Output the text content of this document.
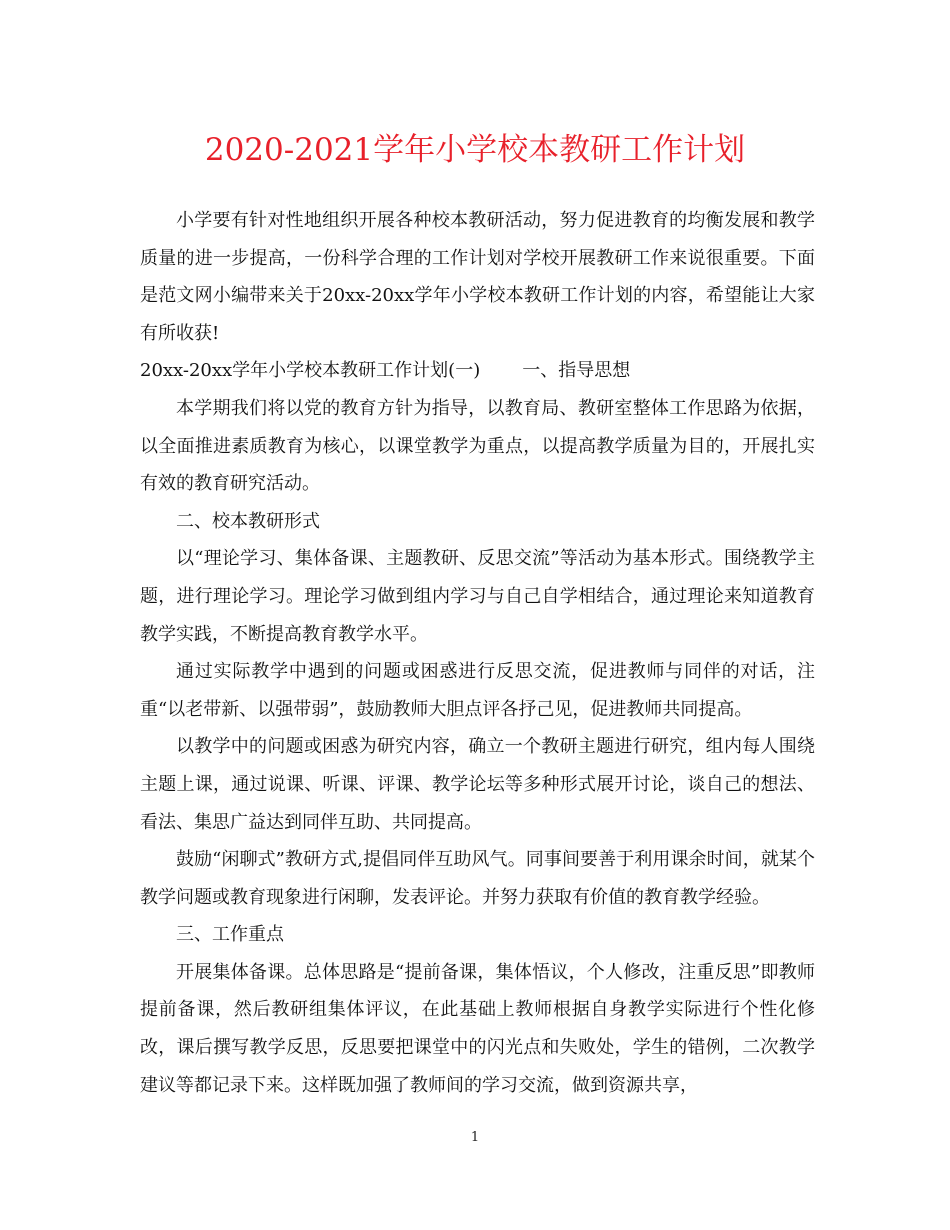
2020-2021学年小学校本教研工作计划

小学要有针对性地组织开展各种校本教研活动，努力促进教育的均衡发展和教学质量的进一步提高，一份科学合理的工作计划对学校开展教研工作来说很重要。下面是范文网小编带来关于20xx-20xx学年小学校本教研工作计划的内容，希望能让大家有所收获!

20xx-20xx学年小学校本教研工作计划(一) 一、指导思想

本学期我们将以党的教育方针为指导，以教育局、教研室整体工作思路为依据，以全面推进素质教育为核心，以课堂教学为重点，以提高教学质量为目的，开展扎实有效的教育研究活动。

二、校本教研形式

以“理论学习、集体备课、主题教研、反思交流”等活动为基本形式。围绕教学主题，进行理论学习。理论学习做到组内学习与自己自学相结合，通过理论来知道教育教学实践，不断提高教育教学水平。

通过实际教学中遇到的问题或困惑进行反思交流，促进教师与同伴的对话，注重“以老带新、以强带弱”，鼓励教师大胆点评各抒己见，促进教师共同提高。

以教学中的问题或困惑为研究内容，确立一个教研主题进行研究，组内每人围绕主题上课，通过说课、听课、评课、教学论坛等多种形式展开讨论，谈自己的想法、看法、集思广益达到同伴互助、共同提高。

鼓励“闲聊式”教研方式,提倡同伴互助风气。同事间要善于利用课余时间，就某个教学问题或教育现象进行闲聊，发表评论。并努力获取有价值的教育教学经验。

三、工作重点

开展集体备课。总体思路是“提前备课，集体悟议，个人修改，注重反思”即教师提前备课，然后教研组集体评议，在此基础上教师根据自身教学实际进行个性化修改，课后撰写教学反思，反思要把课堂中的闪光点和失败处，学生的错例，二次教学建议等都记录下来。这样既加强了教师间的学习交流，做到资源共享，

1
